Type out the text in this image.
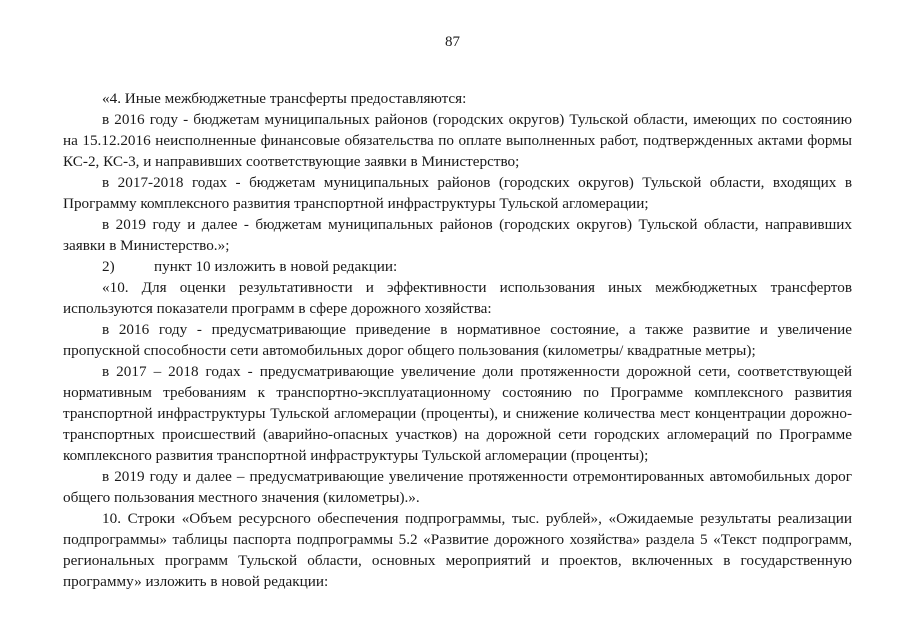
87

«4. Иные межбюджетные трансферты предоставляются:

в 2016 году - бюджетам муниципальных районов (городских округов) Тульской области, имеющих по состоянию на 15.12.2016 неисполненные финансовые обязательства по оплате выполненных работ, подтвержденных актами формы КС-2, КС-3, и направивших соответствующие заявки в Министерство;

в 2017-2018 годах - бюджетам муниципальных районов (городских округов) Тульской области, входящих в Программу комплексного развития транспортной инфраструктуры Тульской агломерации;

в 2019 году и далее - бюджетам муниципальных районов (городских округов) Тульской области, направивших заявки в Министерство.»;

2)	пункт 10 изложить в новой редакции:

«10. Для оценки результативности и эффективности использования иных межбюджетных трансфертов используются показатели программ в сфере дорожного хозяйства:

в 2016 году - предусматривающие приведение в нормативное состояние, а также развитие и увеличение пропускной способности сети автомобильных дорог общего пользования (километры/ квадратные метры);

в 2017 – 2018 годах - предусматривающие увеличение доли протяженности дорожной сети, соответствующей нормативным требованиям к транспортно-эксплуатационному состоянию по Программе комплексного развития транспортной инфраструктуры Тульской агломерации (проценты), и снижение количества мест концентрации дорожно-транспортных происшествий (аварийно-опасных участков) на дорожной сети городских агломераций по Программе комплексного развития транспортной инфраструктуры Тульской агломерации (проценты);

в 2019 году и далее – предусматривающие увеличение протяженности отремонтированных автомобильных дорог общего пользования местного значения (километры).».

10. Строки «Объем ресурсного обеспечения подпрограммы, тыс. рублей», «Ожидаемые результаты реализации подпрограммы» таблицы паспорта подпрограммы 5.2 «Развитие дорожного хозяйства» раздела 5 «Текст подпрограмм, региональных программ Тульской области, основных мероприятий и проектов, включенных в государственную программу» изложить в новой редакции:
